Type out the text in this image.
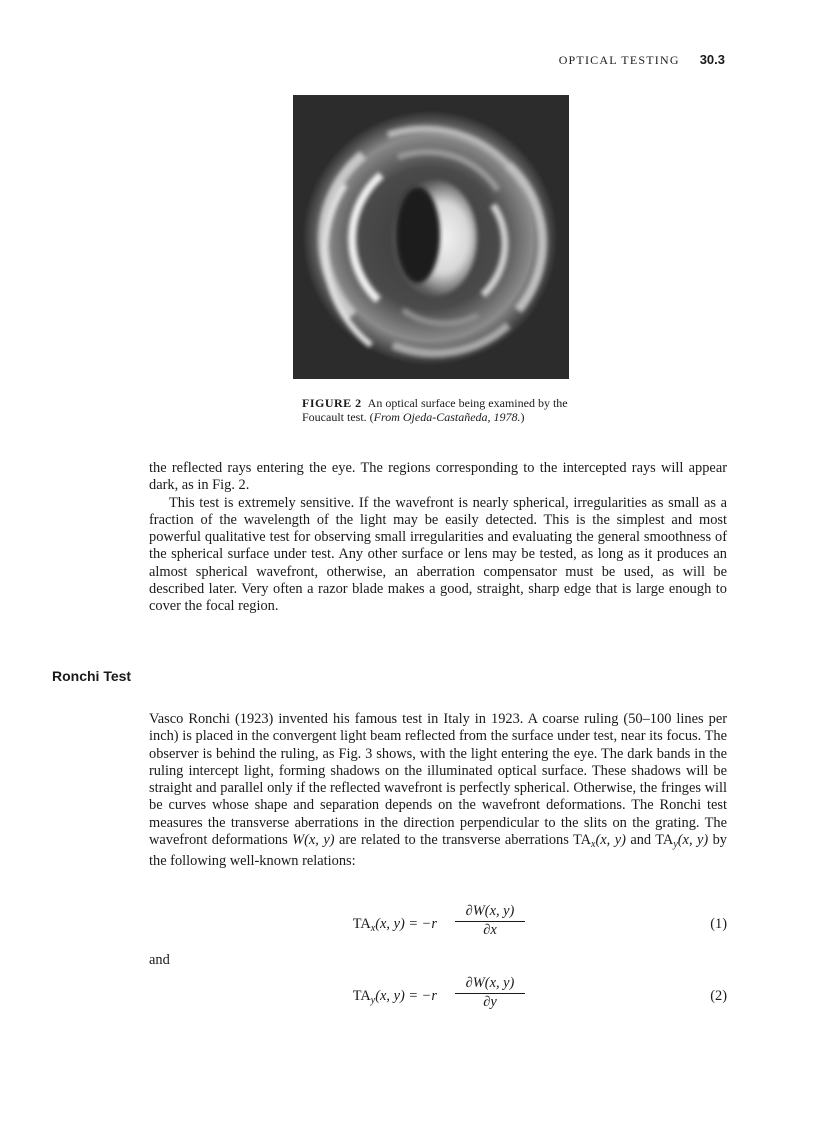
OPTICAL TESTING 30.3
FIGURE 2 An optical surface being examined by the Foucault test. (From Ojeda-Castañeda, 1978.)

the reflected rays entering the eye. The regions corresponding to the intercepted rays will appear dark, as in Fig. 2.

This test is extremely sensitive. If the wavefront is nearly spherical, irregularities as small as a fraction of the wavelength of the light may be easily detected. This is the simplest and most powerful qualitative test for observing small irregularities and evaluating the general smoothness of the spherical surface under test. Any other surface or lens may be tested, as long as it produces an almost spherical wavefront, otherwise, an aberration compensator must be used, as will be described later. Very often a razor blade makes a good, straight, sharp edge that is large enough to cover the focal region.

Ronchi Test

Vasco Ronchi (1923) invented his famous test in Italy in 1923. A coarse ruling (50–100 lines per inch) is placed in the convergent light beam reflected from the surface under test, near its focus. The observer is behind the ruling, as Fig. 3 shows, with the light entering the eye. The dark bands in the ruling intercept light, forming shadows on the illuminated optical surface. These shadows will be straight and parallel only if the reflected wavefront is perfectly spherical. Otherwise, the fringes will be curves whose shape and separation depends on the wavefront deformations. The Ronchi test measures the transverse aberrations in the direction perpendicular to the slits on the grating. The wavefront deformations W(x, y) are related to the transverse aberrations $TA_x(x$, y) and $TA_y(x$, y) by the following well-known relations:

$TA_x(x$, $y) = -r \frac{\partial W(x, y)}{\partial x}$	(1)
and
$TA_y(x$, $y) = -r \frac{\partial W(x, y)}{\partial y}$	(2)
